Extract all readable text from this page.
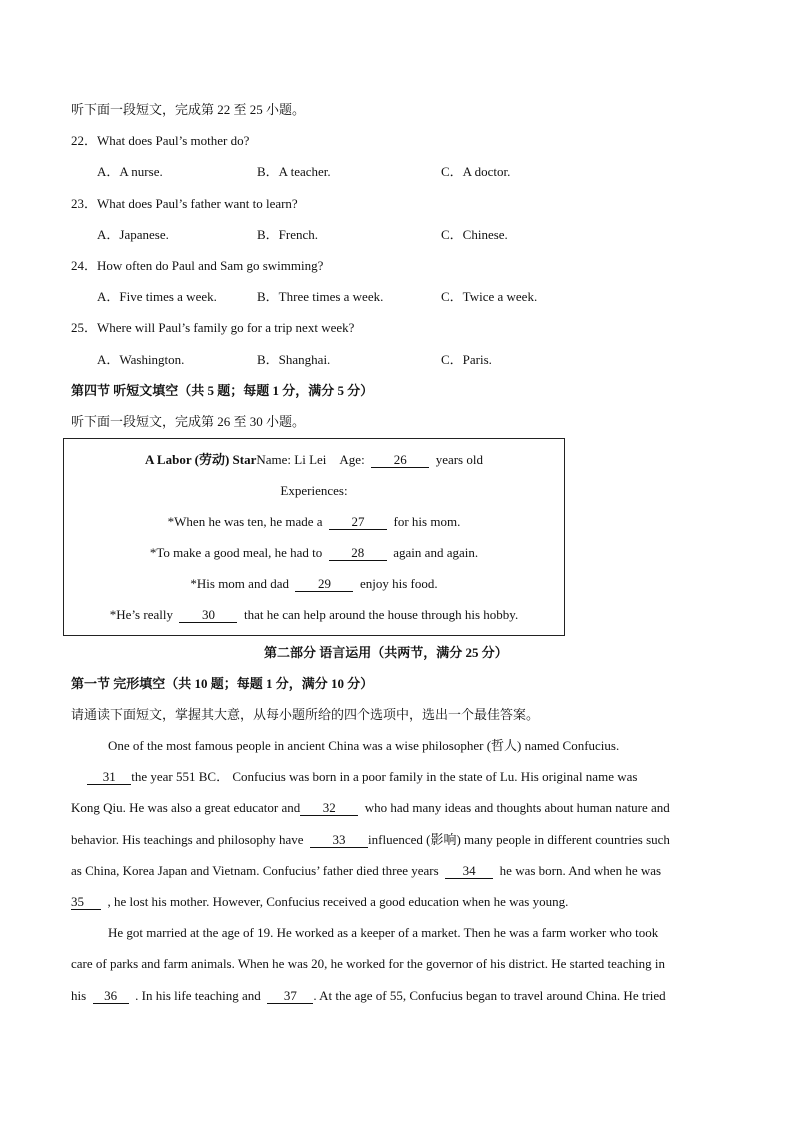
听下面一段短文，完成第 22 至 25 小题。
22．What does Paul’s mother do?
A．A nurse.	B．A teacher.	C．A doctor.
23．What does Paul’s father want to learn?
A．Japanese.	B．French.	C．Chinese.
24．How often do Paul and Sam go swimming?
A．Five times a week.	B．Three times a week.	C．Twice a week.
25．Where will Paul’s family go for a trip next week?
A．Washington.	B．Shanghai.	C．Paris.
第四节 听短文填空（共 5 题；每题 1 分，满分 5 分）
听下面一段短文，完成第 26 至 30 小题。
A Labor (劳动) StarName: Li Lei Age: 26 years old
Experiences:
*When he was ten, he made a 27 for his mom.
*To make a good meal, he had to 28 again and again.
*His mom and dad 29 enjoy his food.
*He’s really 30 that he can help around the house through his hobby.
第二部分 语言运用（共两节，满分 25 分）
第一节 完形填空（共 10 题；每题 1 分，满分 10 分）
请通读下面短文，掌握其大意，从每小题所给的四个选项中，选出一个最佳答案。
One of the most famous people in ancient China was a wise philosopher (哲人) named Confucius.
31 the year 551 BC． Confucius was born in a poor family in the state of Lu. His original name was
Kong Qiu. He was also a great educator and 32 who had many ideas and thoughts about human nature and
behavior. His teachings and philosophy have 33 influenced (影响) many people in different countries such
as China, Korea Japan and Vietnam. Confucius’ father died three years 34 he was born. And when he was
35 , he lost his mother. However, Confucius received a good education when he was young.
He got married at the age of 19. He worked as a keeper of a market. Then he was a farm worker who took
care of parks and farm animals. When he was 20, he worked for the governor of his district. He started teaching in
his 36 . In his life teaching and 37 . At the age of 55, Confucius began to travel around China. He tried
